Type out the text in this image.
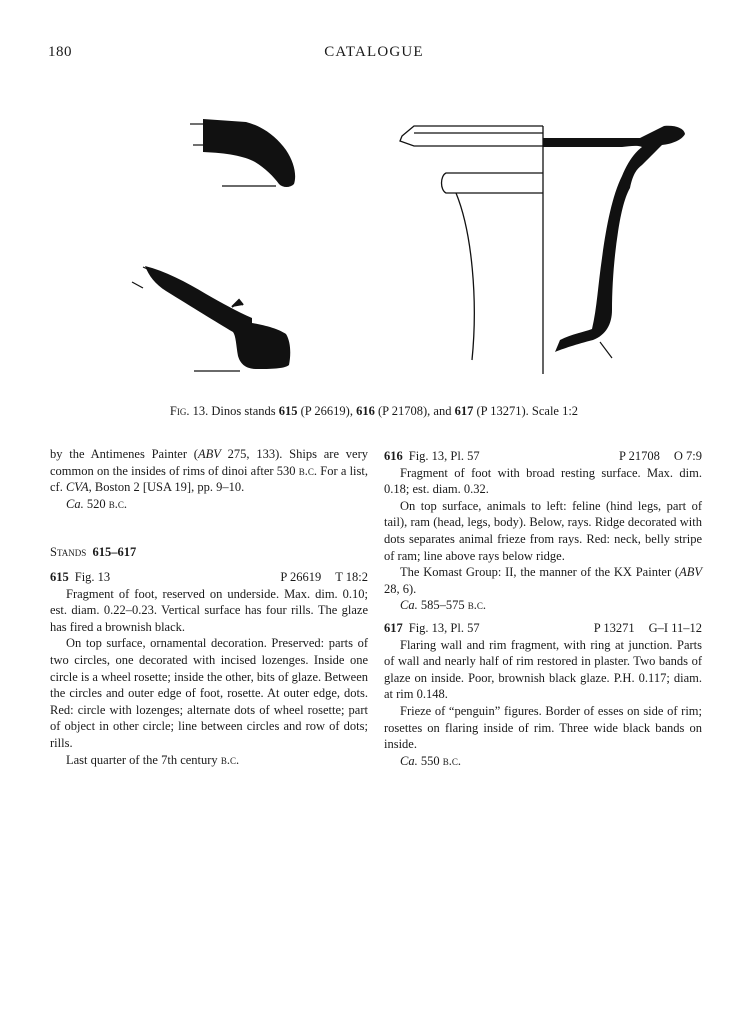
180	CATALOGUE
Fig. 13. Dinos stands 615 (P 26619), 616 (P 21708), and 617 (P 13271). Scale 1:2

by the Antimenes Painter (ABV 275, 133). Ships are very common on the insides of rims of dinoi after 530 b.c. For a list, cf. CVA, Boston 2 [USA 19], pp. 9–10.

Ca. 520 b.c.

Stands 615–617
615 Fig. 13	P 26619 T 18:2

Fragment of foot, reserved on underside. Max. dim. 0.10; est. diam. 0.22–0.23. Vertical surface has four rills. The glaze has fired a brownish black.

On top surface, ornamental decoration. Preserved: parts of two circles, one decorated with incised lozenges. Inside one circle is a wheel rosette; inside the other, bits of glaze. Between the circles and outer edge of foot, rosette. At outer edge, dots. Red: circle with lozenges; alternate dots of wheel rosette; part of object in other circle; line between circles and row of dots; rills.

Last quarter of the 7th century b.c.

616 Fig. 13, Pl. 57	P 21708 O 7:9

Fragment of foot with broad resting surface. Max. dim. 0.18; est. diam. 0.32.

On top surface, animals to left: feline (hind legs, part of tail), ram (head, legs, body). Below, rays. Ridge decorated with dots separates animal frieze from rays. Red: neck, belly stripe of ram; line above rays below ridge.

The Komast Group: II, the manner of the KX Painter (ABV 28, 6).

Ca. 585–575 b.c.

617 Fig. 13, Pl. 57	P 13271 G–I 11–12

Flaring wall and rim fragment, with ring at junction. Parts of wall and nearly half of rim restored in plaster. Two bands of glaze on inside. Poor, brownish black glaze. P.H. 0.117; diam. at rim 0.148.

Frieze of “penguin” figures. Border of esses on side of rim; rosettes on flaring inside of rim. Three wide black bands on inside.

Ca. 550 b.c.
